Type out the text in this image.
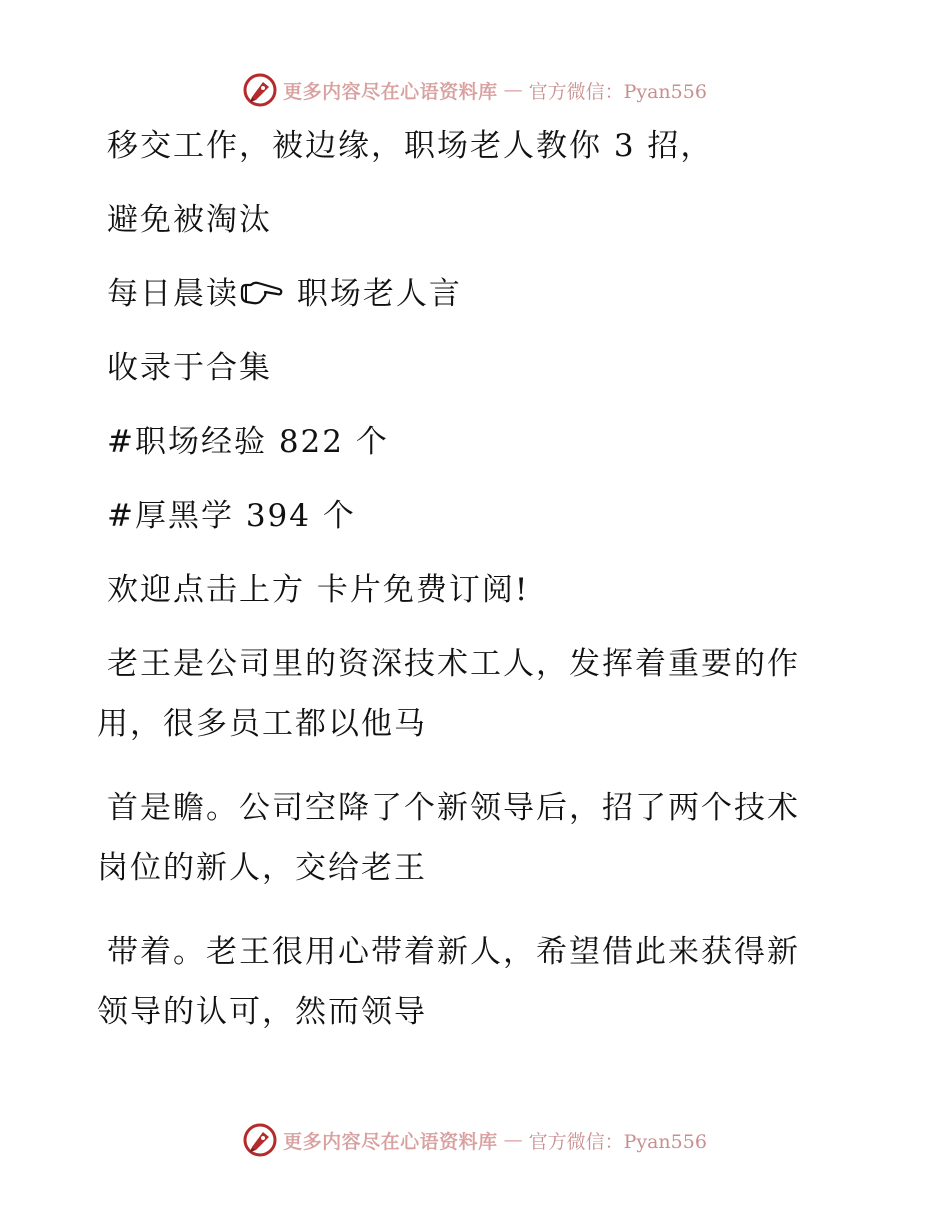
更多内容尽在心语资料库 — 官方微信：Pyan556

移交工作，被边缘，职场老人教你 3 招，

避免被淘汰

每日晨读 职场老人言

收录于合集

#职场经验 822 个

#厚黑学 394 个

欢迎点击上方 卡片免费订阅!

老王是公司里的资深技术工人，发挥着重要的作

用，很多员工都以他马

首是瞻。公司空降了个新领导后，招了两个技术

岗位的新人，交给老王

带着。老王很用心带着新人，希望借此来获得新

领导的认可，然而领导

更多内容尽在心语资料库 — 官方微信：Pyan556
